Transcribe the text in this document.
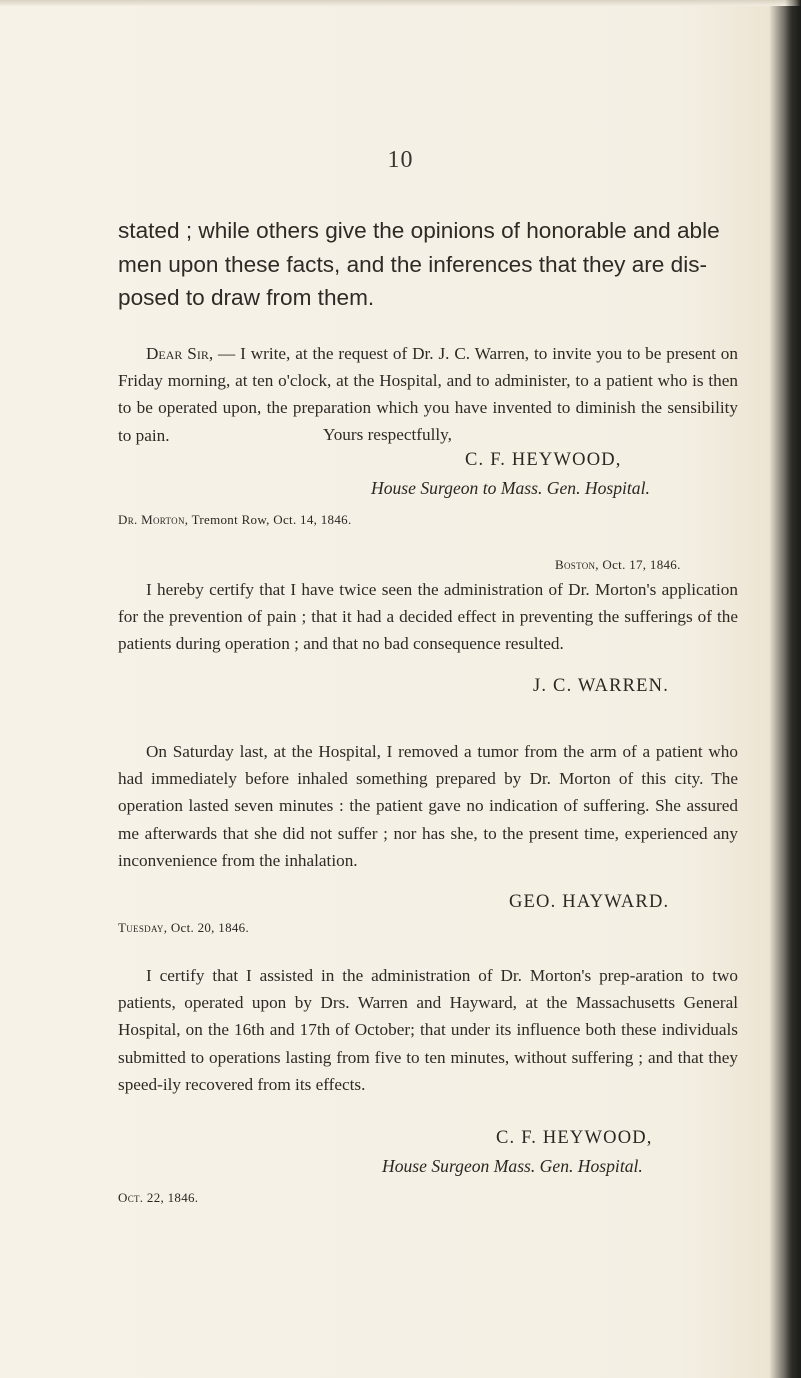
10
stated ; while others give the opinions of honorable and able men upon these facts, and the inferences that they are dis-posed to draw from them.
Dear Sir, — I write, at the request of Dr. J. C. Warren, to invite you to be present on Friday morning, at ten o'clock, at the Hospital, and to administer, to a patient who is then to be operated upon, the preparation which you have invented to diminish the sensibility to pain.	Yours respectfully,
C. F. HEYWOOD,
House Surgeon to Mass. Gen. Hospital.
Dr. Morton, Tremont Row, Oct. 14, 1846.
Boston, Oct. 17, 1846.
I hereby certify that I have twice seen the administration of Dr. Morton's application for the prevention of pain ; that it had a decided effect in preventing the sufferings of the patients during operation ; and that no bad consequence resulted.
J. C. WARREN.
On Saturday last, at the Hospital, I removed a tumor from the arm of a patient who had immediately before inhaled something prepared by Dr. Morton of this city. The operation lasted seven minutes : the patient gave no indication of suffering. She assured me afterwards that she did not suffer ; nor has she, to the present time, experienced any inconvenience from the inhalation.
GEO. HAYWARD.
Tuesday, Oct. 20, 1846.
I certify that I assisted in the administration of Dr. Morton's prep-aration to two patients, operated upon by Drs. Warren and Hayward, at the Massachusetts General Hospital, on the 16th and 17th of October; that under its influence both these individuals submitted to operations lasting from five to ten minutes, without suffering ; and that they speed-ily recovered from its effects.
C. F. HEYWOOD,
House Surgeon Mass. Gen. Hospital.
Oct. 22, 1846.
